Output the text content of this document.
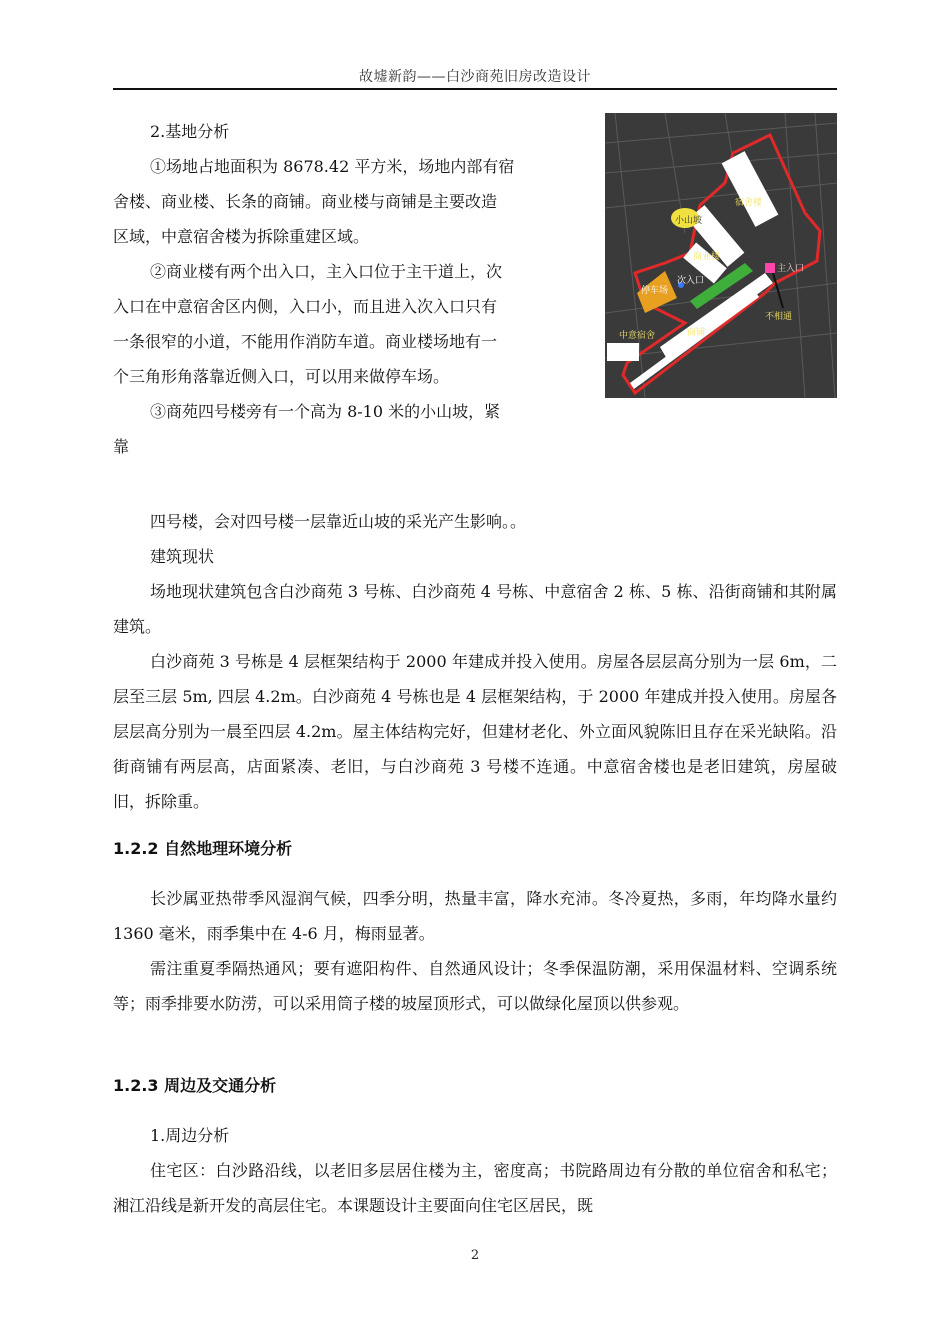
故墟新韵——白沙商苑旧房改造设计
2.基地分析
①场地占地面积为 8678.42 平方米，场地内部有宿
舍楼、商业楼、长条的商铺。商业楼与商铺是主要改造
区域，中意宿舍楼为拆除重建区域。
②商业楼有两个出入口，主入口位于主干道上，次
入口在中意宿舍区内侧，入口小，而且进入次入口只有
一条很窄的小道，不能用作消防车道。商业楼场地有一
个三角形角落靠近侧入口，可以用来做停车场。
③商苑四号楼旁有一个高为 8-10 米的小山坡，紧
靠
宿舍楼
小山坡
商业楼
次入口
主入口
停车场
中意宿舍	商铺
不相通
四号楼，会对四号楼一层靠近山坡的采光产生影响。。
建筑现状
场地现状建筑包含白沙商苑 3 号栋、白沙商苑 4 号栋、中意宿舍 2 栋、5 栋、沿街商铺和其附属建筑。
白沙商苑 3 号栋是 4 层框架结构于 2000 年建成并投入使用。房屋各层层高分别为一层 6m，二层至三层 5m, 四层 4.2m。白沙商苑 4 号栋也是 4 层框架结构，于 2000 年建成并投入使用。房屋各层层高分别为一晨至四层 4.2m。屋主体结构完好，但建材老化、外立面风貌陈旧且存在采光缺陷。沿街商铺有两层高，店面紧凑、老旧，与白沙商苑 3 号楼不连通。中意宿舍楼也是老旧建筑，房屋破旧，拆除重。
1.2.2 自然地理环境分析
长沙属亚热带季风湿润气候，四季分明，热量丰富，降水充沛。冬冷夏热，多雨，年均降水量约 1360 毫米，雨季集中在 4-6 月，梅雨显著。
需注重夏季隔热通风；要有遮阳构件、自然通风设计；冬季保温防潮，采用保温材料、空调系统等；雨季排要水防涝，可以采用筒子楼的坡屋顶形式，可以做绿化屋顶以供参观。
1.2.3 周边及交通分析
1.周边分析
住宅区：白沙路沿线，以老旧多层居住楼为主，密度高；书院路周边有分散的单位宿舍和私宅；湘江沿线是新开发的高层住宅。本课题设计主要面向住宅区居民，既
2
